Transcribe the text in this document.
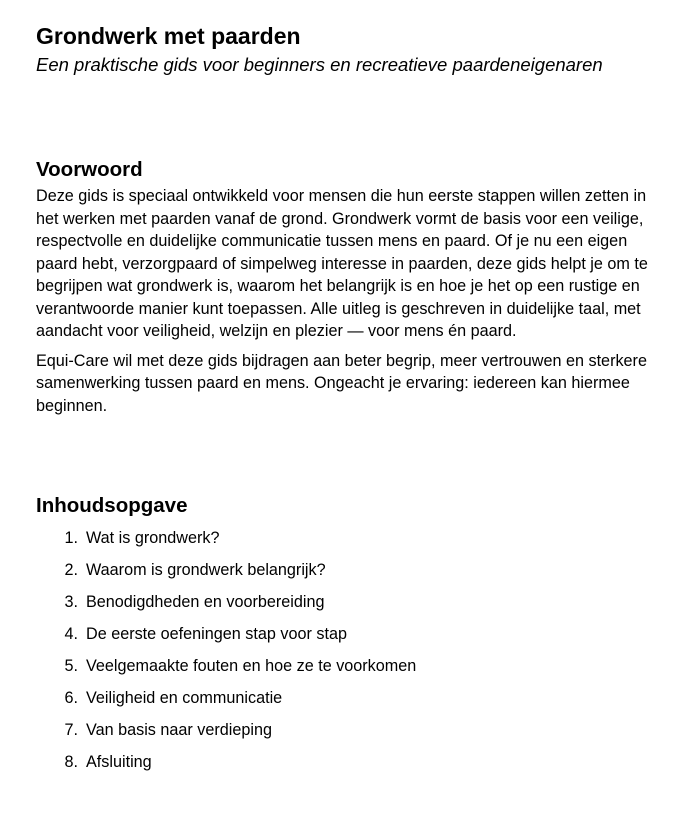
Grondwerk met paarden

Een praktische gids voor beginners en recreatieve paardeneigenaren

Voorwoord

Deze gids is speciaal ontwikkeld voor mensen die hun eerste stappen willen zetten in het werken met paarden vanaf de grond. Grondwerk vormt de basis voor een veilige, respectvolle en duidelijke communicatie tussen mens en paard. Of je nu een eigen paard hebt, verzorgpaard of simpelweg interesse in paarden, deze gids helpt je om te begrijpen wat grondwerk is, waarom het belangrijk is en hoe je het op een rustige en verantwoorde manier kunt toepassen. Alle uitleg is geschreven in duidelijke taal, met aandacht voor veiligheid, welzijn en plezier — voor mens én paard.

Equi-Care wil met deze gids bijdragen aan beter begrip, meer vertrouwen en sterkere samenwerking tussen paard en mens. Ongeacht je ervaring: iedereen kan hiermee beginnen.

Inhoudsopgave
1. Wat is grondwerk?
2. Waarom is grondwerk belangrijk?
3. Benodigdheden en voorbereiding
4. De eerste oefeningen stap voor stap
5. Veelgemaakte fouten en hoe ze te voorkomen
6. Veiligheid en communicatie
7. Van basis naar verdieping
8. Afsluiting
